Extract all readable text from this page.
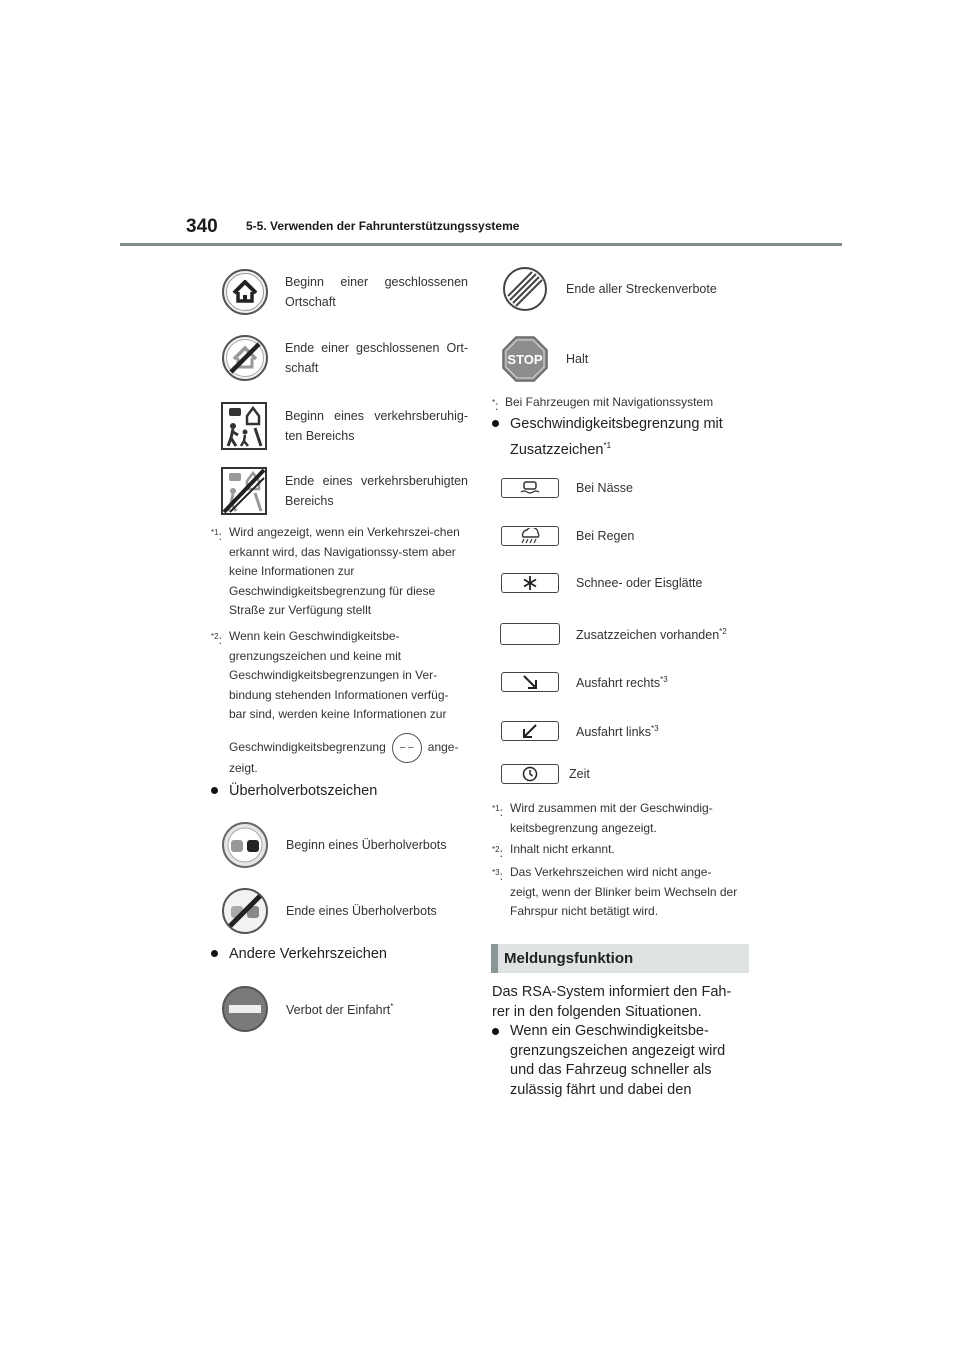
340 5-5. Verwenden der Fahrunterstützungssysteme
Beginn einer geschlossenen Ortschaft
Ende einer geschlossenen Ort-schaft
Beginn eines verkehrsberuhig-ten Bereichs
Ende eines verkehrsberuhigten Bereichs
$^{*1}$: Wird angezeigt, wenn ein Verkehrszei-chen erkannt wird, das Navigationssy-stem aber keine Informationen zur Geschwindigkeitsbegrenzung für diese Straße zur Verfügung stellt
$^{*2}$: Wenn kein Geschwindigkeitsbe-grenzungszeichen und keine mit Geschwindigkeitsbegrenzungen in Ver-bindung stehenden Informationen verfüg-bar sind, werden keine Informationen zur
Geschwindigkeitsbegrenzung	– –	ange-
zeigt.
Überholverbotszeichen
Beginn eines Überholverbots
Ende eines Überholverbots
Andere Verkehrszeichen
Verbot der Einfahrt*
Ende aller Streckenverbote
STOP Halt
*: Bei Fahrzeugen mit Navigationssystem
Geschwindigkeitsbegrenzung mit Zusatzzeichen$^{*1}$
Bei Nässe
Bei Regen
Schnee- oder Eisglätte
Zusatzzeichen vorhanden$^{*2}$
Ausfahrt rechts$^{*3}$
Ausfahrt links$^{*3}$
Zeit
$^{*1}$: Wird zusammen mit der Geschwindig-keitsbegrenzung angezeigt.
$^{*2}$: Inhalt nicht erkannt.
$^{*3}$: Das Verkehrszeichen wird nicht ange-zeigt, wenn der Blinker beim Wechseln der Fahrspur nicht betätigt wird.
Meldungsfunktion
Das RSA-System informiert den Fah-rer in den folgenden Situationen.
Wenn ein Geschwindigkeitsbe-grenzungszeichen angezeigt wird und das Fahrzeug schneller als zulässig fährt und dabei den
